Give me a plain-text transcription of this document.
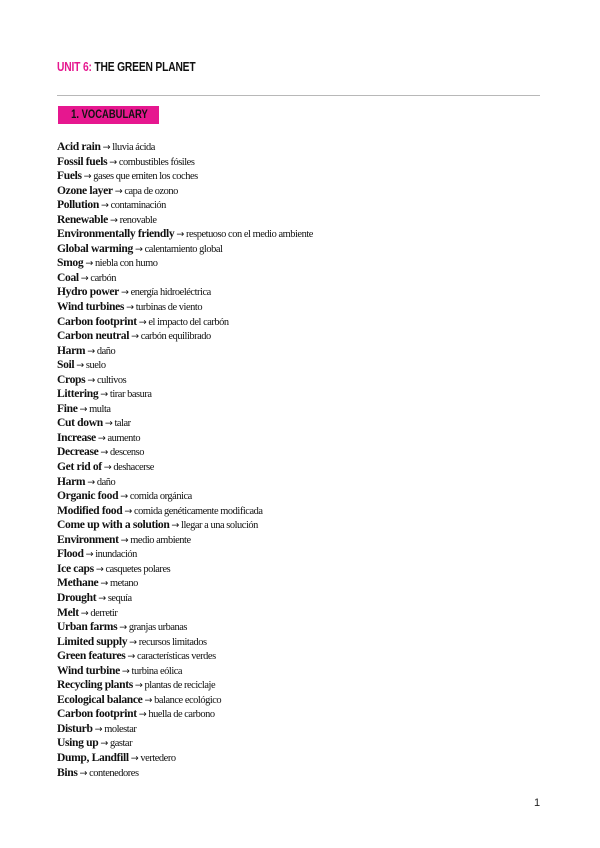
UNIT 6: THE GREEN PLANET
1. VOCABULARY
Acid rain → lluvia ácida
Fossil fuels → combustibles fósiles
Fuels → gases que emiten los coches
Ozone layer → capa de ozono
Pollution → contaminación
Renewable → renovable
Environmentally friendly → respetuoso con el medio ambiente
Global warming → calentamiento global
Smog → niebla con humo
Coal → carbón
Hydro power → energía hidroeléctrica
Wind turbines → turbinas de viento
Carbon footprint → el impacto del carbón
Carbon neutral → carbón equilibrado
Harm → daño
Soil → suelo
Crops → cultivos
Littering → tirar basura
Fine → multa
Cut down → talar
Increase → aumento
Decrease → descenso
Get rid of → deshacerse
Harm → daño
Organic food → comida orgánica
Modified food → comida genéticamente modificada
Come up with a solution → llegar a una solución
Environment → medio ambiente
Flood → inundación
Ice caps → casquetes polares
Methane → metano
Drought → sequía
Melt → derretir
Urban farms → granjas urbanas
Limited supply → recursos limitados
Green features → características verdes
Wind turbine → turbina eólica
Recycling plants → plantas de reciclaje
Ecological balance → balance ecológico
Carbon footprint → huella de carbono
Disturb → molestar
Using up → gastar
Dump, Landfill → vertedero
Bins → contenedores
1
